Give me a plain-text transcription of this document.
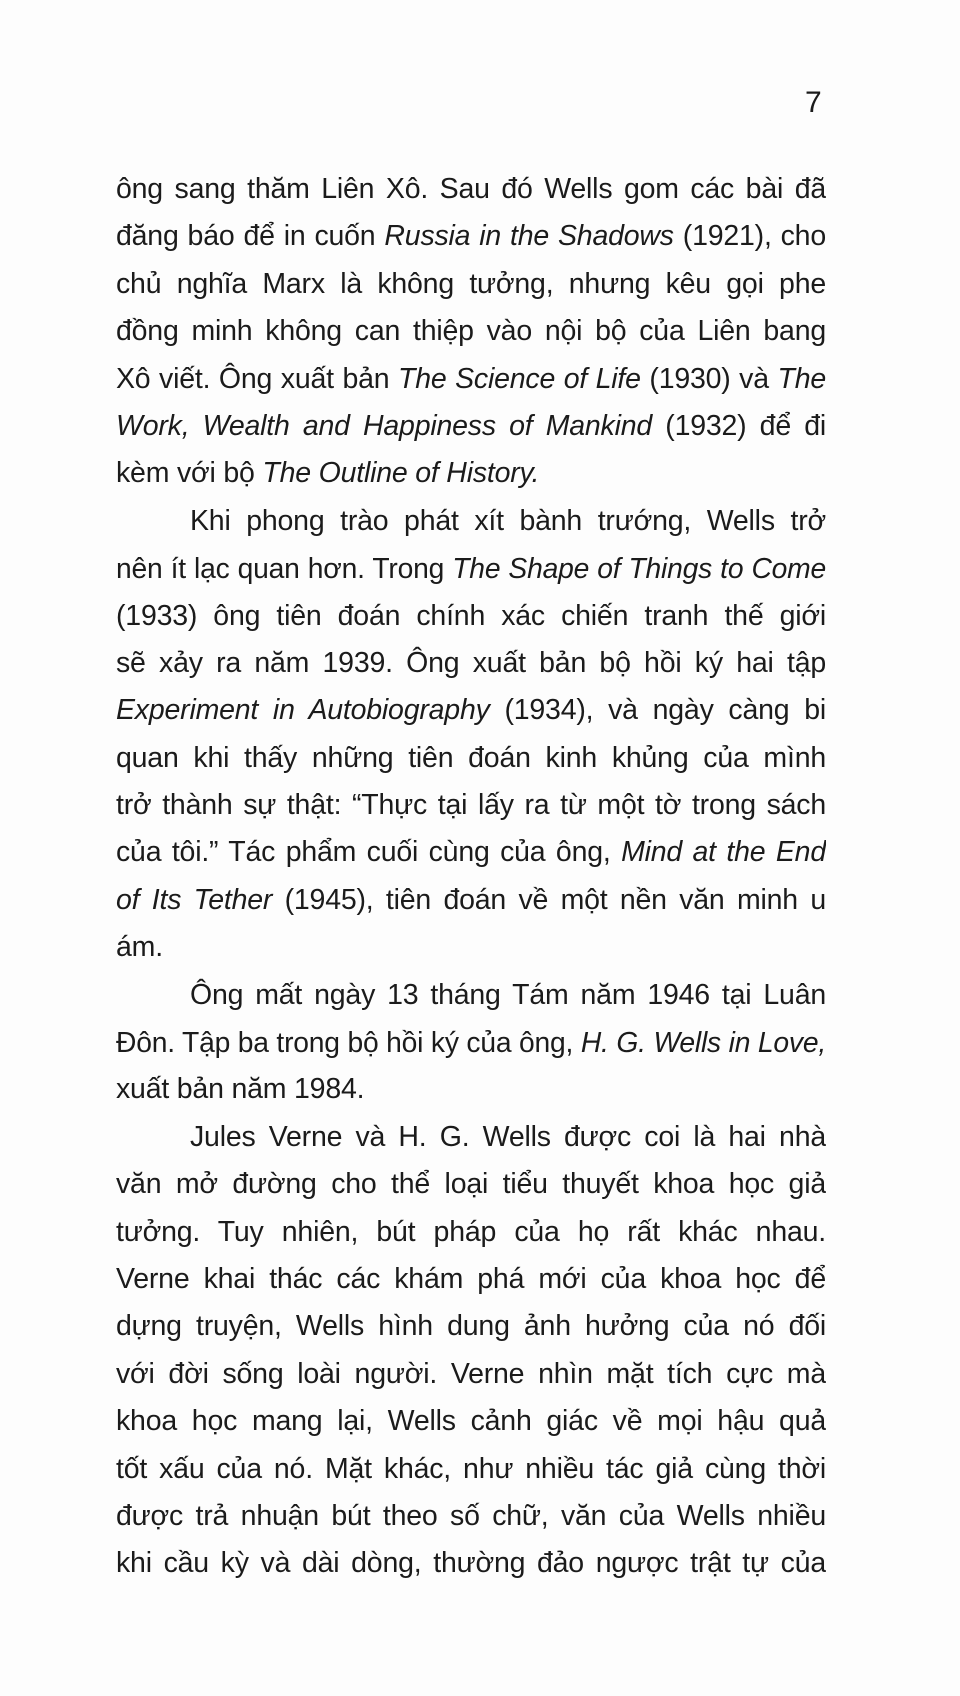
7
ông sang thăm Liên Xô. Sau đó Wells gom các bài đã
đăng báo để in cuốn Russia in the Shadows (1921), cho
chủ nghĩa Marx là không tưởng, nhưng kêu gọi phe
đồng minh không can thiệp vào nội bộ của Liên bang
Xô viết. Ông xuất bản The Science of Life (1930) và The
Work, Wealth and Happiness of Mankind (1932) để đi
kèm với bộ The Outline of History.
Khi phong trào phát xít bành trướng, Wells trở
nên ít lạc quan hơn. Trong The Shape of Things to Come
(1933) ông tiên đoán chính xác chiến tranh thế giới
sẽ xảy ra năm 1939. Ông xuất bản bộ hồi ký hai tập
Experiment in Autobiography (1934), và ngày càng bi
quan khi thấy những tiên đoán kinh khủng của mình
trở thành sự thật: “Thực tại lấy ra từ một tờ trong sách
của tôi.” Tác phẩm cuối cùng của ông, Mind at the End
of Its Tether (1945), tiên đoán về một nền văn minh u
ám.
Ông mất ngày 13 tháng Tám năm 1946 tại Luân
Đôn. Tập ba trong bộ hồi ký của ông, H. G. Wells in Love,
xuất bản năm 1984.
Jules Verne và H. G. Wells được coi là hai nhà
văn mở đường cho thể loại tiểu thuyết khoa học giả
tưởng. Tuy nhiên, bút pháp của họ rất khác nhau.
Verne khai thác các khám phá mới của khoa học để
dựng truyện, Wells hình dung ảnh hưởng của nó đối
với đời sống loài người. Verne nhìn mặt tích cực mà
khoa học mang lại, Wells cảnh giác về mọi hậu quả
tốt xấu của nó. Mặt khác, như nhiều tác giả cùng thời
được trả nhuận bút theo số chữ, văn của Wells nhiều
khi cầu kỳ và dài dòng, thường đảo ngược trật tự của
